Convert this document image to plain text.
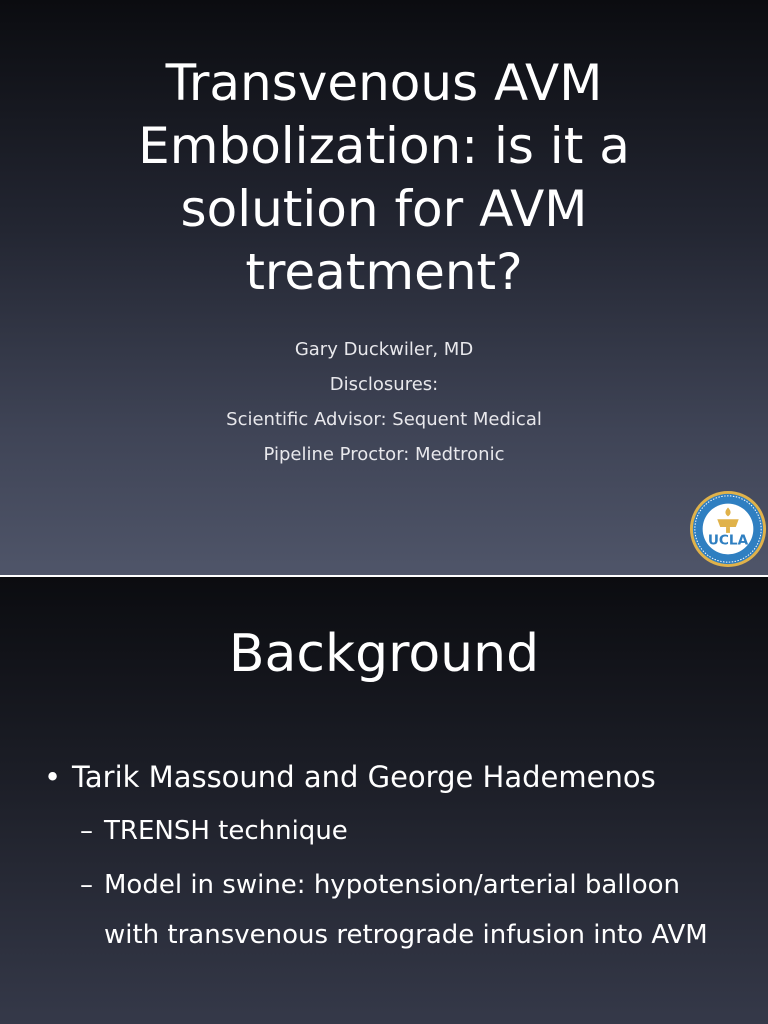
Transvenous AVM
Embolization: is it a
solution for AVM
treatment?
Gary Duckwiler, MD
Disclosures:
Scientific Advisor: Sequent Medical
Pipeline Proctor: Medtronic
UCLA
Background
• Tarik Massound and George Hademenos
– TRENSH technique
– Model in swine: hypotension/arterial balloon with transvenous retrograde infusion into AVM
